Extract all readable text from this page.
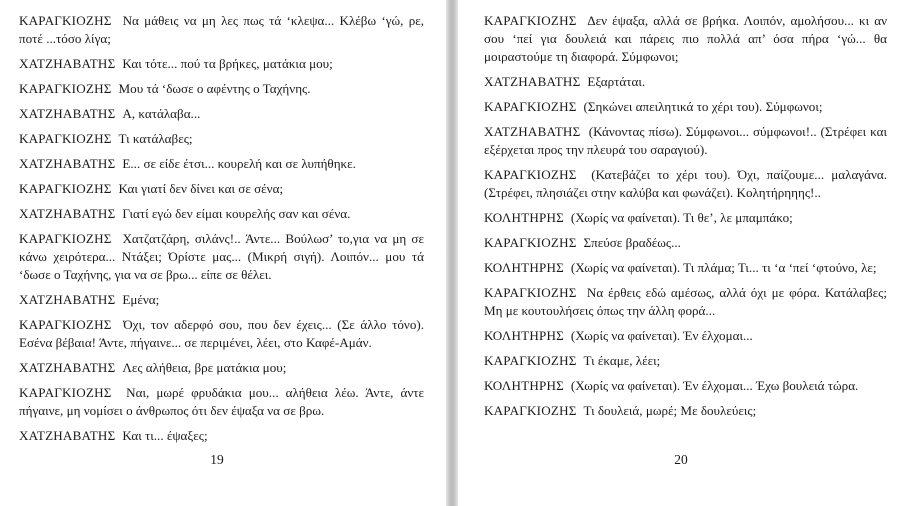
ΚΑΡΑΓΚΙΟΖΗΣ Να μάθεις να μη λες πως τά ‘κλεψα... Κλέβω ‘γώ, ρε, ποτέ ...τόσο λίγα;

ΧΑΤΖΗΑΒΑΤΗΣ Και τότε... πού τα βρήκες, ματάκια μου;

ΚΑΡΑΓΚΙΟΖΗΣ Μου τά ‘δωσε ο αφέντης ο Ταχήνης.

ΧΑΤΖΗΑΒΑΤΗΣ Α, κατάλαβα...

ΚΑΡΑΓΚΙΟΖΗΣ Τι κατάλαβες;

ΧΑΤΖΗΑΒΑΤΗΣ Ε... σε είδε έτσι... κουρελή και σε λυπήθηκε.

ΚΑΡΑΓΚΙΟΖΗΣ Και γιατί δεν δίνει και σε σένα;

ΧΑΤΖΗΑΒΑΤΗΣ Γιατί εγώ δεν είμαι κουρελής σαν και σένα.

ΚΑΡΑΓΚΙΟΖΗΣ Χατζατζάρη, σιλάνς!.. Άντε... Βούλωσ’ το,για να μη σε κάνω χειρότερα... Ντάξει; Όρίστε μας... (Μικρή σιγή). Λοιπόν... μου τά ‘δωσε ο Ταχήνης, για να σε βρω... είπε σε θέλει.

ΧΑΤΖΗΑΒΑΤΗΣ Εμένα;

ΚΑΡΑΓΚΙΟΖΗΣ Όχι, τον αδερφό σου, που δεν έχεις... (Σε άλλο τόνο). Εσένα βέβαια! Άντε, πήγαινε... σε περιμένει, λέει, στο Καφέ-Αμάν.

ΧΑΤΖΗΑΒΑΤΗΣ Λες αλήθεια, βρε ματάκια μου;

ΚΑΡΑΓΚΙΟΖΗΣ Ναι, μωρέ φρυδάκια μου... αλήθεια λέω. Άντε, άντε πήγαινε, μη νομίσει ο άνθρωπος ότι δεν έψαξα να σε βρω.

ΧΑΤΖΗΑΒΑΤΗΣ Και τι... έψαξες;

19

ΚΑΡΑΓΚΙΟΖΗΣ Δεν έψαξα, αλλά σε βρήκα. Λοιπόν, αμολήσου... κι αν σου ‘πεί για δουλειά και πάρεις πιο πολλά απ’ όσα πήρα ‘γώ... θα μοιραστούμε τη διαφορά. Σύμφωνοι;

ΧΑΤΖΗΑΒΑΤΗΣ Εξαρτάται.

ΚΑΡΑΓΚΙΟΖΗΣ (Σηκώνει απειλητικά το χέρι του). Σύμφωνοι;

ΧΑΤΖΗΑΒΑΤΗΣ (Κάνοντας πίσω). Σύμφωνοι... σύμφωνοι!.. (Στρέφει και εξέρχεται προς την πλευρά του σαραγιού).

ΚΑΡΑΓΚΙΟΖΗΣ (Κατεβάζει το χέρι του). Όχι, παίζουμε... μαλαγάνα. (Στρέφει, πλησιάζει στην καλύβα και φωνάζει). Κολητήρηηης!..

ΚΟΛΗΤΗΡΗΣ (Χωρίς να φαίνεται). Τι θε’, λε μπαμπάκο;

ΚΑΡΑΓΚΙΟΖΗΣ Σπεύσε βραδέως...

ΚΟΛΗΤΗΡΗΣ (Χωρίς να φαίνεται). Τι πλάμα; Τι... τι ‘α ‘πεί ‘φτούνο, λε;

ΚΑΡΑΓΚΙΟΖΗΣ Να έρθεις εδώ αμέσως, αλλά όχι με φόρα. Κατάλαβες; Μη με κουτουλήσεις όπως την άλλη φορά...

ΚΟΛΗΤΗΡΗΣ (Χωρίς να φαίνεται). Έν έλχομαι...

ΚΑΡΑΓΚΙΟΖΗΣ Τι έκαμε, λέει;

ΚΟΛΗΤΗΡΗΣ (Χωρίς να φαίνεται). Έν έλχομαι... Έχω βουλειά τώρα.

ΚΑΡΑΓΚΙΟΖΗΣ Τι δουλειά, μωρέ; Με δουλεύεις;

20
